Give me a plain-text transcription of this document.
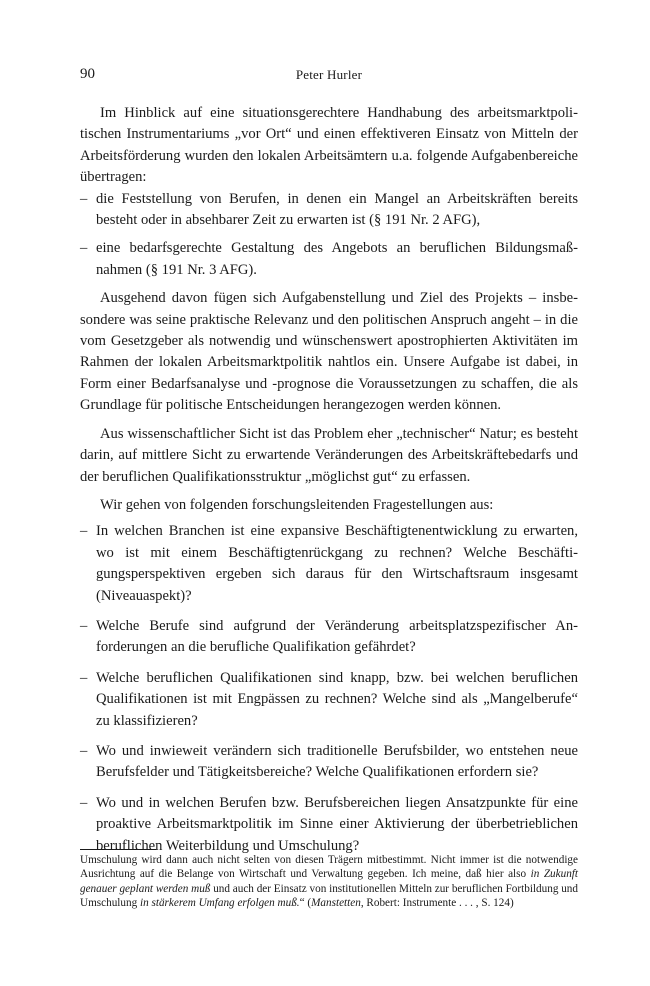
90	Peter Hurler

Im Hinblick auf eine situationsgerechtere Handhabung des arbeitsmarktpolitischen Instrumentariums „vor Ort“ und einen effektiveren Einsatz von Mitteln der Arbeitsförderung wurden den lokalen Arbeitsämtern u.a. folgende Aufgabenbereiche übertragen:

– die Feststellung von Berufen, in denen ein Mangel an Arbeitskräften bereits besteht oder in absehbarer Zeit zu erwarten ist (§ 191 Nr. 2 AFG),
– eine bedarfsgerechte Gestaltung des Angebots an beruflichen Bildungsmaßnahmen (§ 191 Nr. 3 AFG).

Ausgehend davon fügen sich Aufgabenstellung und Ziel des Projekts – insbesondere was seine praktische Relevanz und den politischen Anspruch angeht – in die vom Gesetzgeber als notwendig und wünschenswert apostrophierten Aktivitäten im Rahmen der lokalen Arbeitsmarktpolitik nahtlos ein. Unsere Aufgabe ist dabei, in Form einer Bedarfsanalyse und -prognose die Voraussetzungen zu schaffen, die als Grundlage für politische Entscheidungen herangezogen werden können.

Aus wissenschaftlicher Sicht ist das Problem eher „technischer“ Natur; es besteht darin, auf mittlere Sicht zu erwartende Veränderungen des Arbeitskräftebedarfs und der beruflichen Qualifikationsstruktur „möglichst gut“ zu erfassen.

Wir gehen von folgenden forschungsleitenden Fragestellungen aus:

– In welchen Branchen ist eine expansive Beschäftigtenentwicklung zu erwarten, wo ist mit einem Beschäftigtenrückgang zu rechnen? Welche Beschäftigungsperspektiven ergeben sich daraus für den Wirtschaftsraum insgesamt (Niveauaspekt)?
– Welche Berufe sind aufgrund der Veränderung arbeitsplatzspezifischer Anforderungen an die berufliche Qualifikation gefährdet?
– Welche beruflichen Qualifikationen sind knapp, bzw. bei welchen beruflichen Qualifikationen ist mit Engpässen zu rechnen? Welche sind als „Mangelberufe“ zu klassifizieren?
– Wo und inwieweit verändern sich traditionelle Berufsbilder, wo entstehen neue Berufsfelder und Tätigkeitsbereiche? Welche Qualifikationen erfordern sie?
– Wo und in welchen Berufen bzw. Berufsbereichen liegen Ansatzpunkte für eine proaktive Arbeitsmarktpolitik im Sinne einer Aktivierung der überbetrieblichen beruflichen Weiterbildung und Umschulung?
Umschulung wird dann auch nicht selten von diesen Trägern mitbestimmt. Nicht immer ist die notwendige Ausrichtung auf die Belange von Wirtschaft und Verwaltung gegeben. Ich meine, daß hier also in Zukunft genauer geplant werden muß und auch der Einsatz von institutionellen Mitteln zur beruflichen Fortbildung und Umschulung in stärkerem Umfang erfolgen muß.“ (Manstetten, Robert: Instrumente . . . , S. 124)
